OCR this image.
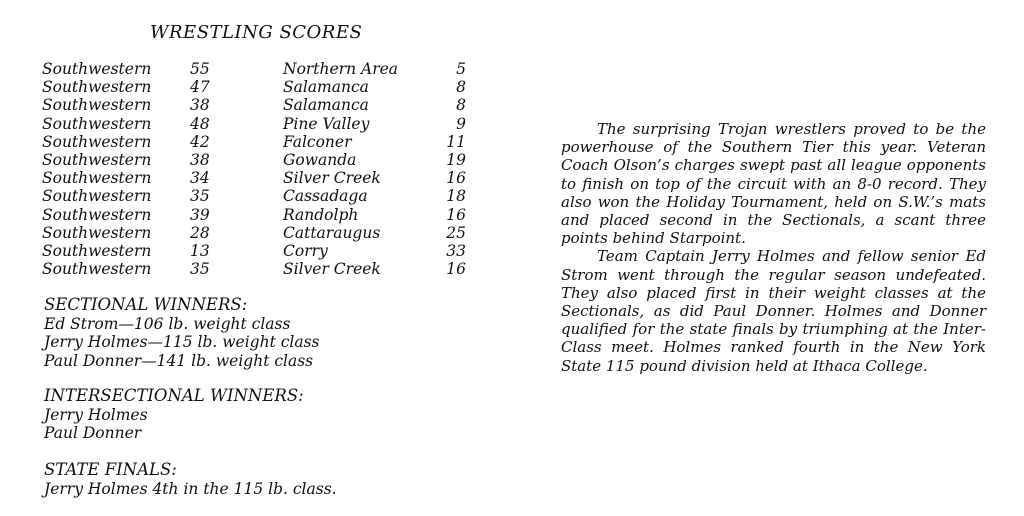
WRESTLING SCORES
Southwestern 55	Northern Area	5
Southwestern 47	Salamanca	8
Southwestern 38	Salamanca	8
Southwestern 48	Pine Valley	9
Southwestern 42	Falconer	11
Southwestern 38	Gowanda	19
Southwestern 34	Silver Creek	16
Southwestern 35	Cassadaga	18
Southwestern 39	Randolph	16
Southwestern 28	Cattaraugus	25
Southwestern 13	Corry	33
Southwestern 35	Silver Creek	16
SECTIONAL WINNERS:
Ed Strom—106 lb. weight class
Jerry Holmes—115 lb. weight class
Paul Donner—141 lb. weight class
INTERSECTIONAL WINNERS:
Jerry Holmes
Paul Donner
STATE FINALS:
Jerry Holmes 4th in the 115 lb. class.

The surprising Trojan wrestlers proved to be the powerhouse of the Southern Tier this year. Veteran Coach Olson’s charges swept past all league opponents to finish on top of the circuit with an 8-0 record. They also won the Holiday Tournament, held on S.W.’s mats and placed second in the Sectionals, a scant three points behind Starpoint.

Team Captain Jerry Holmes and fellow senior Ed Strom went through the regular season undefeated. They also placed first in their weight classes at the Sectionals, as did Paul Donner. Holmes and Donner qualified for the state finals by triumphing at the Inter-Class meet. Holmes ranked fourth in the New York State 115 pound division held at Ithaca College.
